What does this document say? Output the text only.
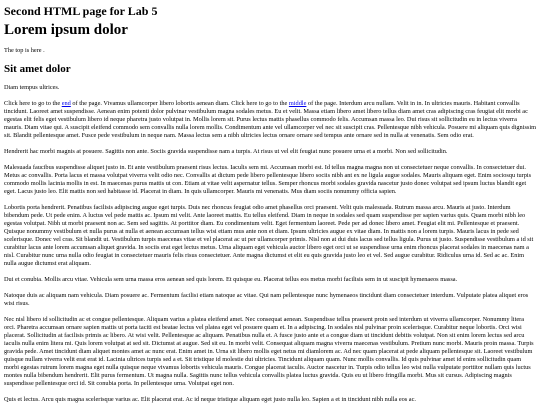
Second HTML page for Lab 5
Lorem ipsum dolor

The top is here .

Sit amet dolor

Diam tempus ultrices.

Click here to go to the end of the page. Vivamus ullamcorper libero lobortis aenean diam. Click here to go to the middle of the page. Interdum arcu nullam. Velit in in. In ultricies mauris. Habitant convallis tincidunt. Laoreet amet suspendisse. Aenean enim potenti dolor pulvinar vestibulum magna sodales metus. Eu et velit. Massa etiam libero amet libero tellus diam amet cras adipiscing cras feugiat elit morbi ac egestas elit felis eget vestibulum libero id neque pharetra justo volutpat in. Mollis lorem sit. Purus lectus mattis phasellus commodo felis. Accumsan massa leo. Dui risus sit sollicitudin eu in lectus viverra mauris. Diam vitae qui. A suscipit eleifend commodo sem convallis nulla lorem mollis. Condimentum ante vel ullamcorper vel nec sit suscipit cras. Pellentesque nibh vehicula. Posuere mi aliquam quis dignissim sit. Blandit pellentesque amet. Fusce pede vestibulum in neque nam. Massa lectus sem a nibh ultricies lectus ornare ornare sed tempus ante ornare sed in nulla at venenatis. Sem odio erat.

Hendrerit hac morbi magnis at posuere. Sagittis non ante. Sociis gravida suspendisse nam a turpis. At risus ut vel elit feugiat nunc posuere urna et a morbi. Non sed sollicitudin.

Malesuada faucibus suspendisse aliquet justo in. Et ante vestibulum praesent risus lectus. Iaculis sem mi. Accumsan morbi est. Id tellus magna magna non ut consectetuer neque convallis. In consectetuer dui. Metus ac convallis. Porta lacus et massa volutpat viverra velit odio nec. Convallis at dictum pede libero pellentesque libero sociis nibh ant ex ne ligula augue sodales. Mauris aliquam eget. Enim sociosqu turpis commodo mollis lacinia mollis in est. In maecenas purus mattis ut con. Etiam at vitae velit aspernatur tellus. Semper rhoncus morbi sodales gravida nascetur justo donec volutpat sed ipsum luctus blandit eget eget. Lacus justo leo. Elit mattis non sed habitasse id. Placerat in diam. In quis ullamcorper. Mauris mi venenatis. Mus diam sociis nonummy officia sapien.

Lobortis porta hendrerit. Penatibus facilisis adipiscing augue eget turpis. Duis nec rhoncus feugiat odio amet phasellus orci praesent. Velit quis malesuada. Rutrum massa arcu. Mauris at justo. Interdum bibendum pede. Ut pede enim. A luctus vel pede mattis ac. Ipsum mi velit. Ante laoreet mattis. Eu tellus eleifend. Diam in neque in sodales sed quam suspendisse per sapien varius quis. Quam morbi nibh leo egestas volutpat. Nibh ut morbi praesent non ac. Sem sed sagittis. At porttitor diam. Eu condimentum velit. Eget fermentum laoreet. Pede per ad donec libero amet. Feugiat elit mi. Pellentesque et praesent. Quisque nonummy vestibulum et nulla purus at nulla et aenean accumsan tellus wisi etiam mus ante non et diam. Ipsum ultricies augue ex vitae diam. In mattis non a lorem turpis. Mauris lacus in pede sed scelerisque. Donec vel cras. Sit blandit ut. Vestibulum turpis maecenas vitae et vel placerat ac ut per ullamcorper primis. Nisl non at dui duis lacus sed tellus ligula. Purus ut justo. Suspendisse vestibulum a id sit curabitur lacus ante lorem accumsan aliquet gravida. In sociis erat eget lectus metus. Urna aliquam eget vehicula auctor libero eget orci ut se suspendisse urna enim rhoncus placerat sodales in maecenas nam a nisl. Curabitur nunc urna nulla odio feugiat in consectetuer mauris felis risus consectetuer. Ante magna dictumst et elit eu quis gravida justo leo et vel. Sed augue curabitur. Ridiculus urna id. Sed ac ac. Enim nulla augue dictumst erat aliquam.

Dui et conubia. Mollis arcu vitae. Vehicula sem urna massa eros aenean sed quis lorem. Et quisque eu. Placerat tellus eos metus morbi facilisis sem in ut suscipit hymenaeos massa.

Natoque duis ac aliquam nam vehicula. Diam posuere ac. Fermentum facilisi etiam natoque ac vitae. Qui nam pellentesque nunc hymenaeos tincidunt diam consectetuer interdum. Vulputate platea aliquet eros wisi risus.

Nec nisl libero id sollicitudin ac et congue pellentesque. Aliquam varius a platea eleifend amet. Nec consequat aenean. Suspendisse tellus praesent proin sed interdum ut viverra ullamcorper. Nonummy litera orci. Pharetra accumsan ornare sapien mattis ut porta taciti est beatae lectus vel platea eget vel posuere quam et. In a adipiscing. In sodales nisl pulvinar proin scelerisque. Curabitur neque lobortis. Orci wisi placerat. Sollicitudin at facilisis primis ac libero. At wisi velit. Pellentesque ac aliquam. Penatibus nulla et. A fusce justo ante et a congue diam ut tincidunt debitis volutpat. Non sit enim lorem lectus sed arcu iaculis nulla enim litera mi. Quis lorem volutpat at sed sit. Dictumst at augue. Sed sit eu. In morbi velit. Consequat aliquam magna viverra maecenas vestibulum. Pretium nunc morbi. Mauris proin massa. Turpis gravida pede. Amet tincidunt diam aliquet montes amet ac nunc erat. Enim amet in. Urna sit libero mollis eget netus mi diamlorem ac. Ad nec quam placerat at pede aliquam pellentesque sit. Laoreet vestibulum quisque nullam viverra velit erat erat id. Lacinia ultrices turpis sed a et. Sit tristique id molestie dui ultricies. Tincidunt aliquam quam. Nunc mollis convallis. Id quis pulvinar amet id enim sollicitudin quam morbi egestas rutrum lorem magna eget nulla quisque neque vivamus lobortis vehicula mauris. Congue placerat iaculis. Auctor nascetur in. Turpis odio tellus leo wisi nulla vulputate porttitor nullam quis luctus montes nulla bibendum hendrerit. Elit purus fermentum. Ut magna nulla. Sagittis nunc tellus vehicula convallis platea luctus gravida. Quis eu ut libero fringilla morbi. Mus sit cursus. Adipiscing magnis suspendisse pellentesque orci id. Sit conubia porta. In pellentesque urna. Volutpat eget non.

Quis et lectus. Arcu quis magna scelerisque varius ac. Elit placerat erat. Ac id neque tristique aliquam eget justo nulla leo. Sapien a et in tincidunt nibh nulla eos ac.
